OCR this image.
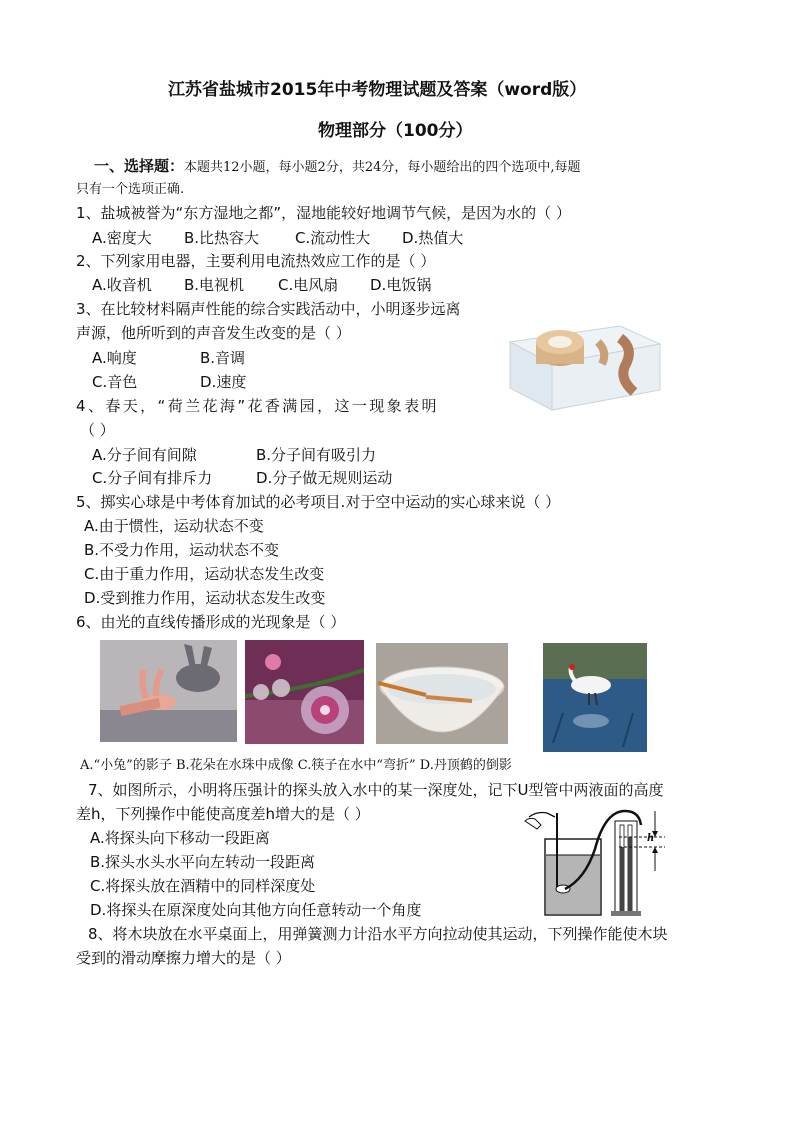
江苏省盐城市2015年中考物理试题及答案（word版）
物理部分（100分）
一、选择题：本题共12小题，每小题2分，共24分，每小题给出的四个选项中,每题
只有一个选项正确.
1、盐城被誉为“东方湿地之都”，湿地能较好地调节气候，是因为水的（ ）
A.密度大 B.比热容大 C.流动性大 D.热值大
2、下列家用电器，主要利用电流热效应工作的是（ ）
A.收音机 B.电视机 C.电风扇 D.电饭锅
3、在比较材料隔声性能的综合实践活动中，小明逐步远离
声源，他所听到的声音发生改变的是（ ）
A.响度	B.音调
C.音色	D.速度
4、春天，“荷兰花海”花香满园，这一现象表明
（ ）
A.分子间有间隙	B.分子间有吸引力
C.分子间有排斥力	D.分子做无规则运动
5、掷实心球是中考体育加试的必考项目.对于空中运动的实心球来说（ ）
A.由于惯性，运动状态不变
B.不受力作用，运动状态不变
C.由于重力作用，运动状态发生改变
D.受到推力作用，运动状态发生改变
6、由光的直线传播形成的光现象是（ ）
A.“小兔”的影子 B.花朵在水珠中成像 C.筷子在水中“弯折” D.丹顶鹤的倒影
7、如图所示，小明将压强计的探头放入水中的某一深度处，记下U型管中两液面的高度
差h，下列操作中能使高度差h增大的是（ ）
A.将探头向下移动一段距离
B.探头水头水平向左转动一段距离
C.将探头放在酒精中的同样深度处
D.将探头在原深度处向其他方向任意转动一个角度
h
8、将木块放在水平桌面上，用弹簧测力计沿水平方向拉动使其运动，下列操作能使木块
受到的滑动摩擦力增大的是（ ）
